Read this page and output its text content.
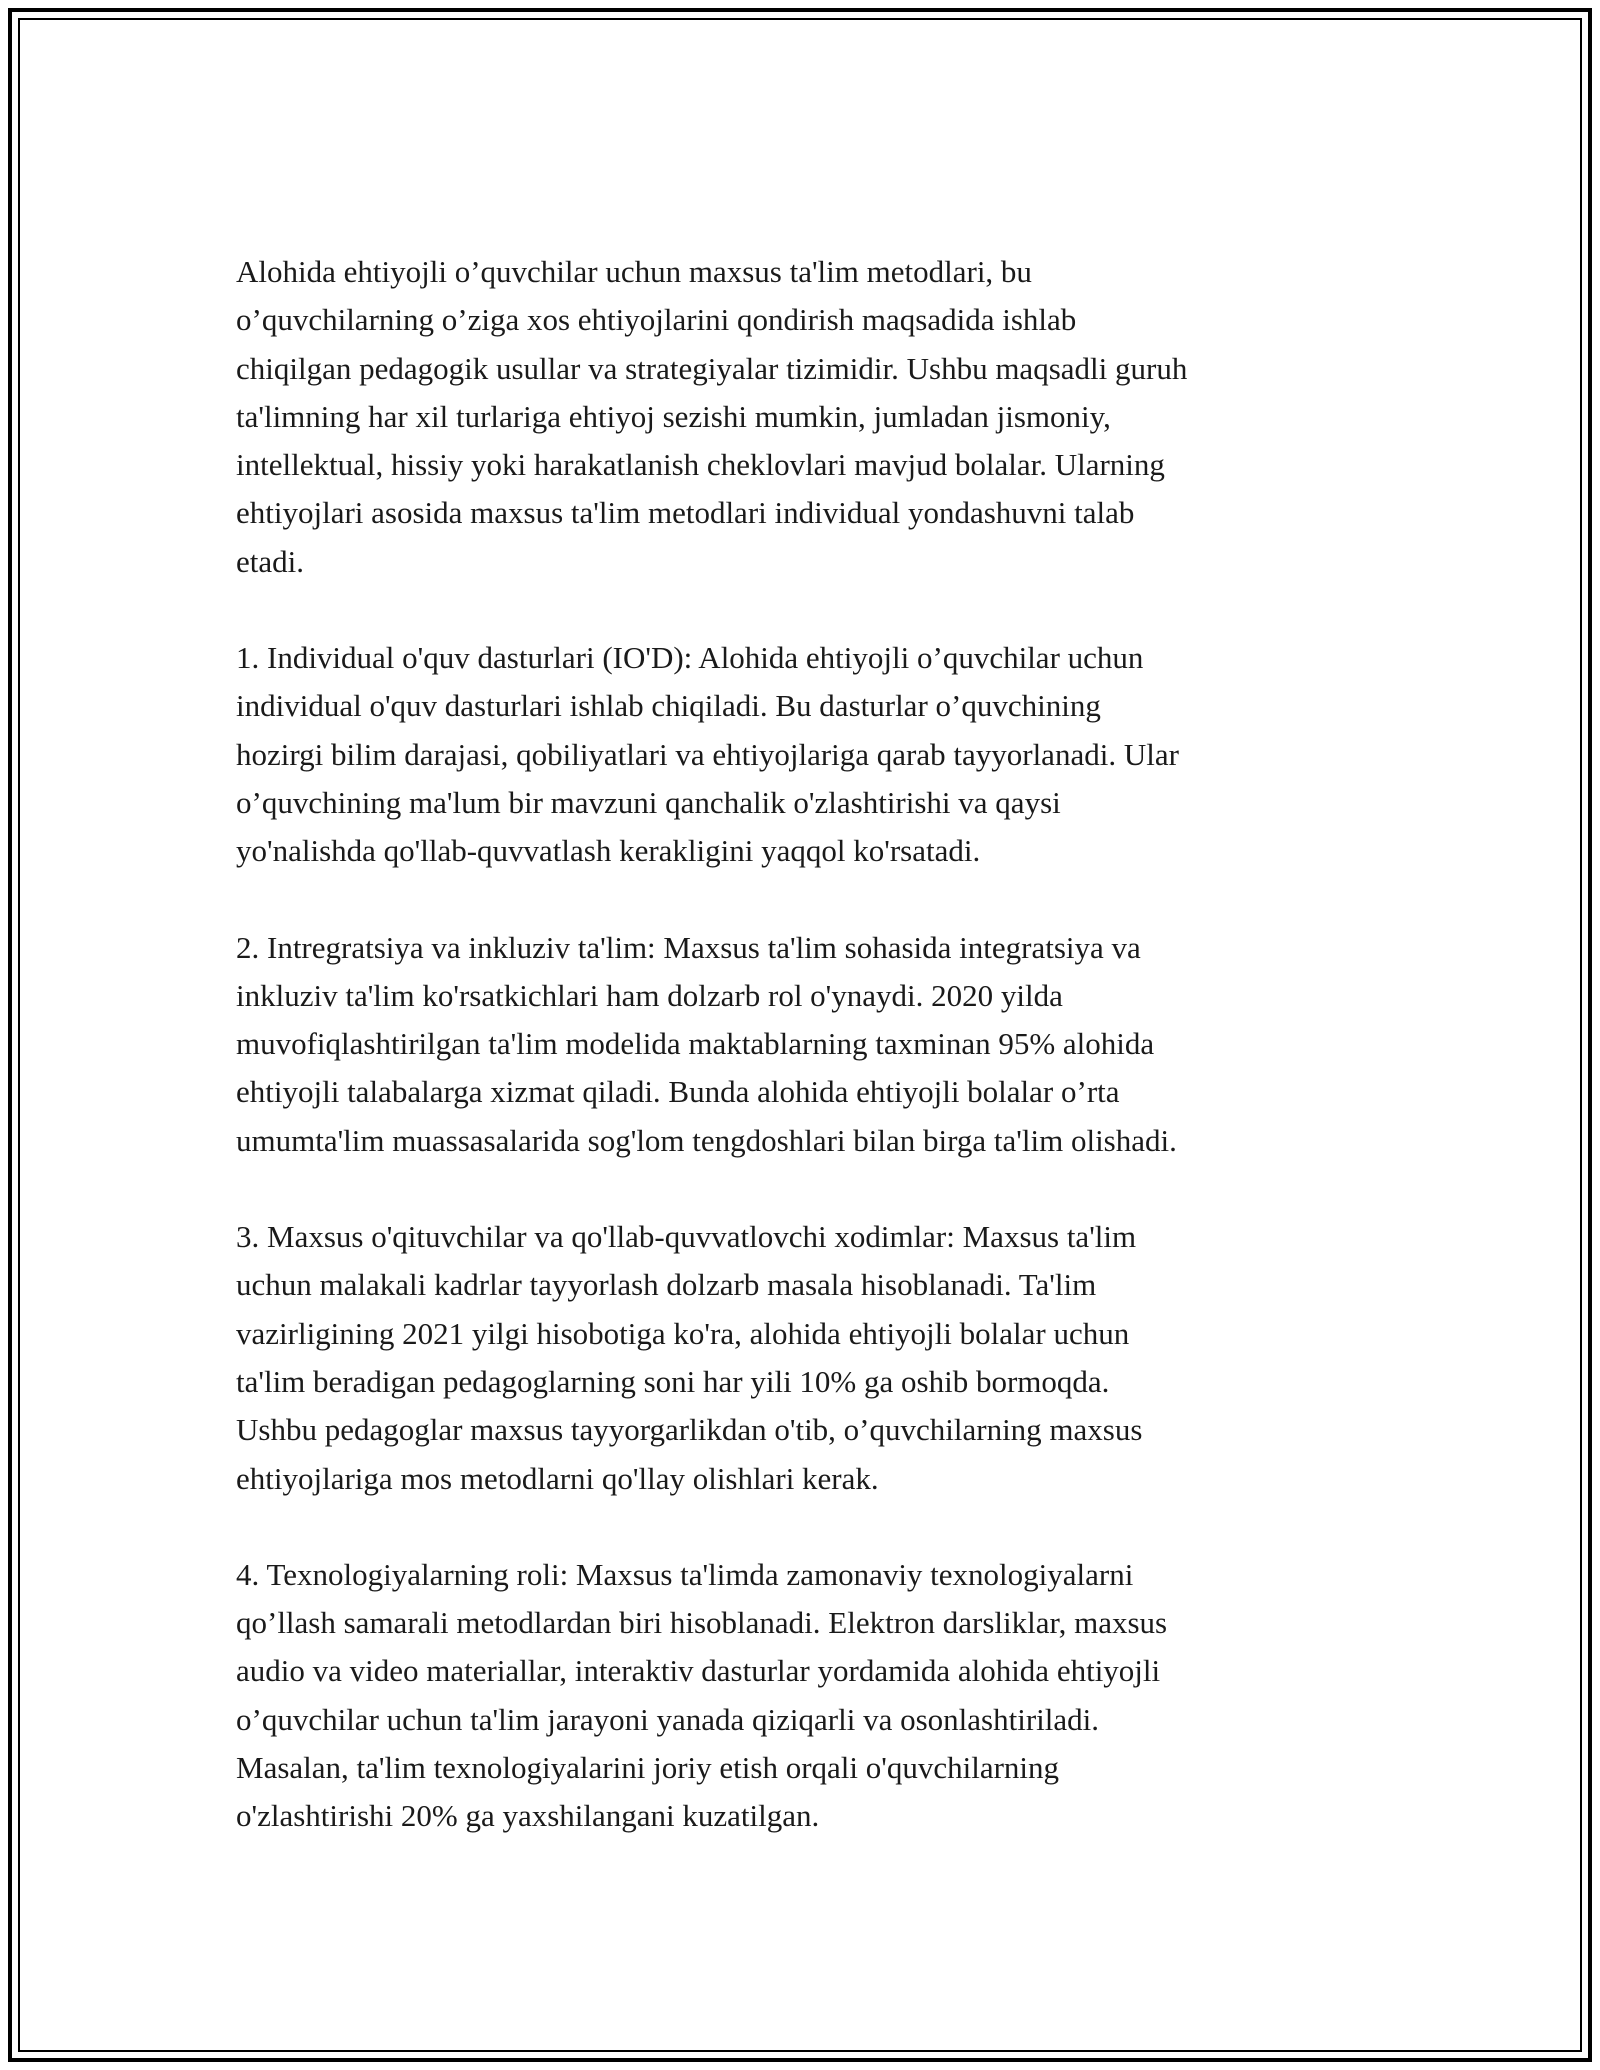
Alohida ehtiyojli o’quvchilar uchun maxsus ta'lim metodlari, bu
o’quvchilarning o’ziga xos ehtiyojlarini qondirish maqsadida ishlab
chiqilgan pedagogik usullar va strategiyalar tizimidir. Ushbu maqsadli guruh
ta'limning har xil turlariga ehtiyoj sezishi mumkin, jumladan jismoniy,
intellektual, hissiy yoki harakatlanish cheklovlari mavjud bolalar. Ularning
ehtiyojlari asosida maxsus ta'lim metodlari individual yondashuvni talab
etadi.

1. Individual o'quv dasturlari (IO'D): Alohida ehtiyojli o’quvchilar uchun
individual o'quv dasturlari ishlab chiqiladi. Bu dasturlar o’quvchining
hozirgi bilim darajasi, qobiliyatlari va ehtiyojlariga qarab tayyorlanadi. Ular
o’quvchining ma'lum bir mavzuni qanchalik o'zlashtirishi va qaysi
yo'nalishda qo'llab-quvvatlash kerakligini yaqqol ko'rsatadi.

2. Intregratsiya va inkluziv ta'lim: Maxsus ta'lim sohasida integratsiya va
inkluziv ta'lim ko'rsatkichlari ham dolzarb rol o'ynaydi. 2020 yilda
muvofiqlashtirilgan ta'lim modelida maktablarning taxminan 95% alohida
ehtiyojli talabalarga xizmat qiladi. Bunda alohida ehtiyojli bolalar o’rta
umumta'lim muassasalarida sog'lom tengdoshlari bilan birga ta'lim olishadi.

3. Maxsus o'qituvchilar va qo'llab-quvvatlovchi xodimlar: Maxsus ta'lim
uchun malakali kadrlar tayyorlash dolzarb masala hisoblanadi. Ta'lim
vazirligining 2021 yilgi hisobotiga ko'ra, alohida ehtiyojli bolalar uchun
ta'lim beradigan pedagoglarning soni har yili 10% ga oshib bormoqda.
Ushbu pedagoglar maxsus tayyorgarlikdan o'tib, o’quvchilarning maxsus
ehtiyojlariga mos metodlarni qo'llay olishlari kerak.

4. Texnologiyalarning roli: Maxsus ta'limda zamonaviy texnologiyalarni
qo’llash samarali metodlardan biri hisoblanadi. Elektron darsliklar, maxsus
audio va video materiallar, interaktiv dasturlar yordamida alohida ehtiyojli
o’quvchilar uchun ta'lim jarayoni yanada qiziqarli va osonlashtiriladi.
Masalan, ta'lim texnologiyalarini joriy etish orqali o'quvchilarning
o'zlashtirishi 20% ga yaxshilangani kuzatilgan.
